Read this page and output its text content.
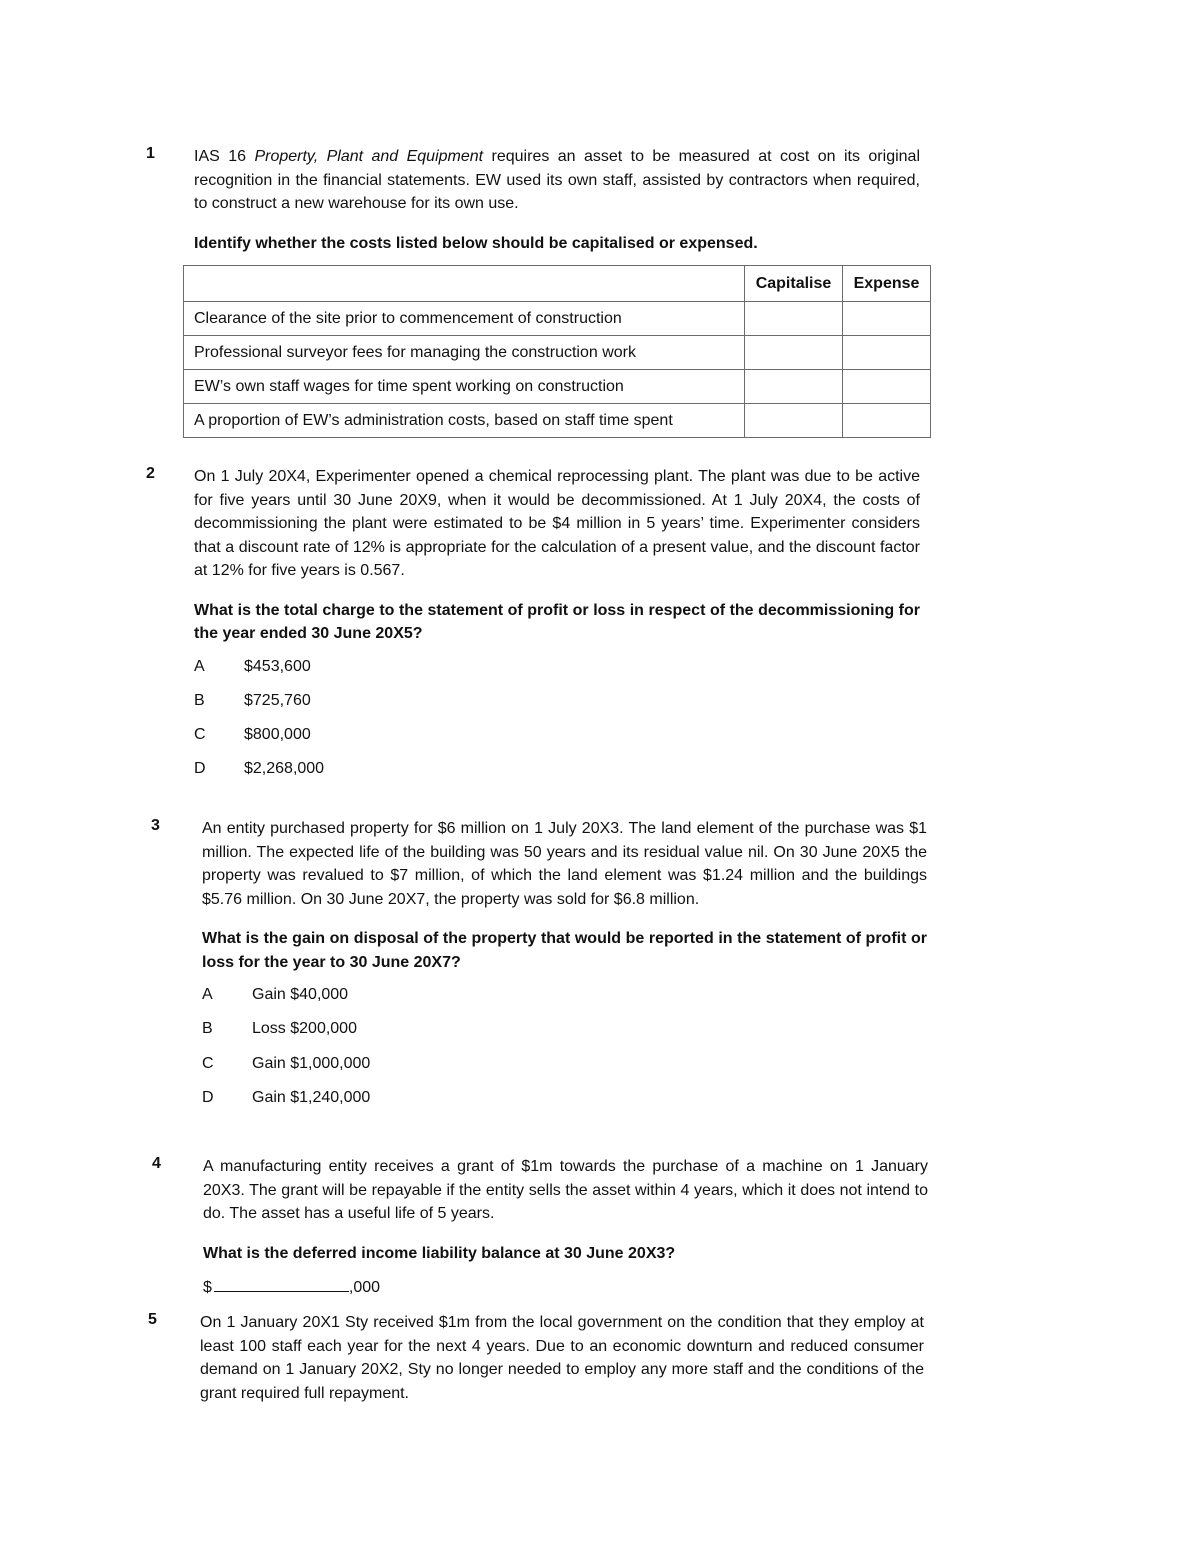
1 IAS 16 Property, Plant and Equipment requires an asset to be measured at cost on its original recognition in the financial statements. EW used its own staff, assisted by contractors when required, to construct a new warehouse for its own use.

Identify whether the costs listed below should be capitalised or expensed.

	Capitalise	Expense
Clearance of the site prior to commencement of construction		
Professional surveyor fees for managing the construction work		
EW’s own staff wages for time spent working on construction		
A proportion of EW’s administration costs, based on staff time spent		
2 On 1 July 20X4, Experimenter opened a chemical reprocessing plant. The plant was due to be active for five years until 30 June 20X9, when it would be decommissioned. At 1 July 20X4, the costs of decommissioning the plant were estimated to be $4 million in 5 years’ time. Experimenter considers that a discount rate of 12% is appropriate for the calculation of a present value, and the discount factor at 12% for five years is 0.567.

What is the total charge to the statement of profit or loss in respect of the decommissioning for the year ended 30 June 20X5?

A	$453,600
B	$725,760
C	$800,000
D	$2,268,000
3	An entity purchased property for $6 million on 1 July 20X3. The land element of the purchase was $1 million. The expected life of the building was 50 years and its residual value nil. On 30 June 20X5 the property was revalued to $7 million, of which the land element was $1.24 million and the buildings $5.76 million. On 30 June 20X7, the property was sold for $6.8 million.

What is the gain on disposal of the property that would be reported in the statement of profit or loss for the year to 30 June 20X7?

A	Gain $40,000
B	Loss $200,000
C	Gain $1,000,000
D	Gain $1,240,000
4	A manufacturing entity receives a grant of $1m towards the purchase of a machine on 1 January 20X3. The grant will be repayable if the entity sells the asset within 4 years, which it does not intend to do. The asset has a useful life of 5 years.

What is the deferred income liability balance at 30 June 20X3?

$	,000
5	On 1 January 20X1 Sty received $1m from the local government on the condition that they employ at least 100 staff each year for the next 4 years. Due to an economic downturn and reduced consumer demand on 1 January 20X2, Sty no longer needed to employ any more staff and the conditions of the grant required full repayment.
